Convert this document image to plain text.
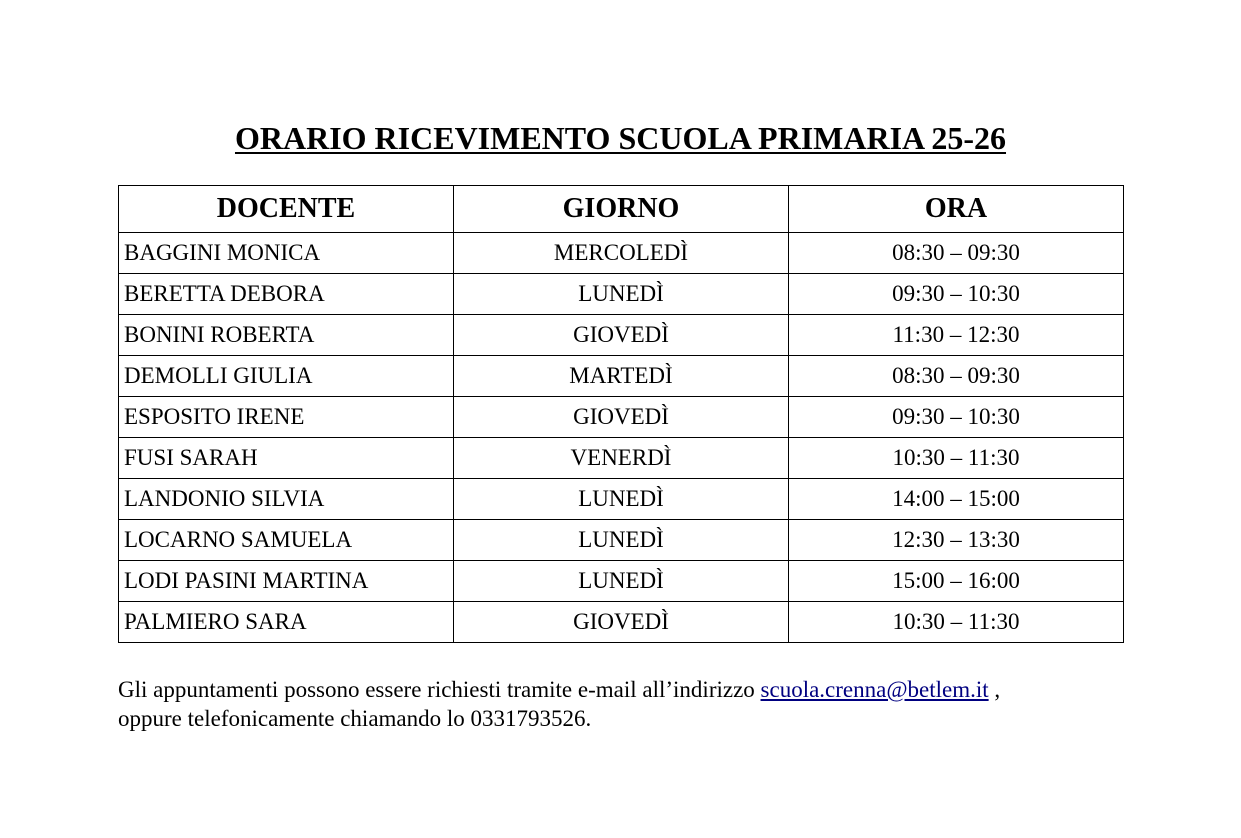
ORARIO RICEVIMENTO SCUOLA PRIMARIA 25-26
DOCENTE	GIORNO	ORA
BAGGINI MONICA	MERCOLEDÌ	08:30 – 09:30
BERETTA DEBORA	LUNEDÌ	09:30 – 10:30
BONINI ROBERTA	GIOVEDÌ	11:30 – 12:30
DEMOLLI GIULIA	MARTEDÌ	08:30 – 09:30
ESPOSITO IRENE	GIOVEDÌ	09:30 – 10:30
FUSI SARAH	VENERDÌ	10:30 – 11:30
LANDONIO SILVIA	LUNEDÌ	14:00 – 15:00
LOCARNO SAMUELA	LUNEDÌ	12:30 – 13:30
LODI PASINI MARTINA	LUNEDÌ	15:00 – 16:00
PALMIERO SARA	GIOVEDÌ	10:30 – 11:30
Gli appuntamenti possono essere richiesti tramite e-mail all’indirizzo scuola.crenna@betlem.it ,
oppure telefonicamente chiamando lo 0331793526.
